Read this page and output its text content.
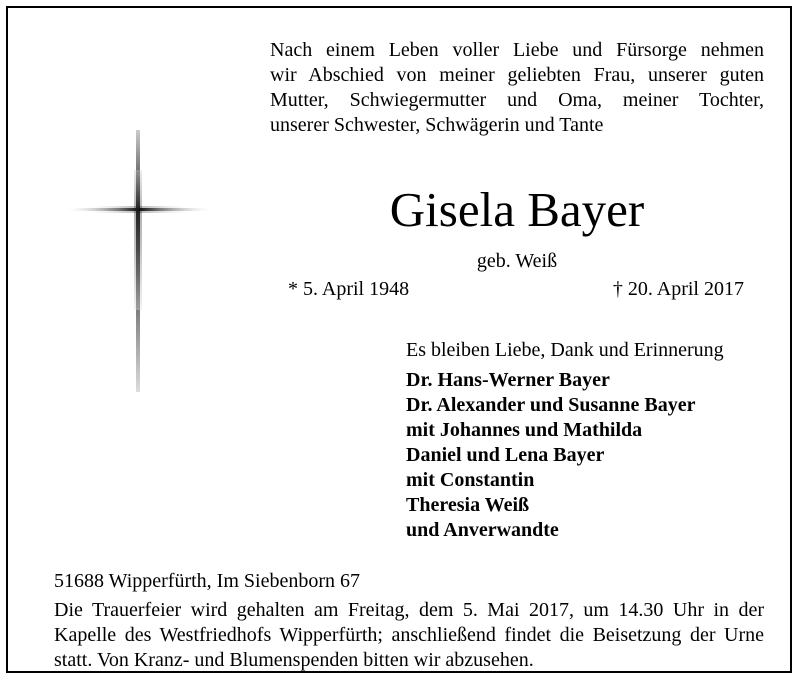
Nach einem Leben voller Liebe und Fürsorge nehmen
wir Abschied von meiner geliebten Frau, unserer guten
Mutter, Schwiegermutter und Oma, meiner Tochter,
unserer Schwester, Schwägerin und Tante
Gisela Bayer
geb. Weiß
* 5. April 1948	† 20. April 2017
Es bleiben Liebe, Dank und Erinnerung
Dr. Hans-Werner Bayer
Dr. Alexander und Susanne Bayer
mit Johannes und Mathilda
Daniel und Lena Bayer
mit Constantin
Theresia Weiß
und Anverwandte
51688 Wipperfürth, Im Siebenborn 67
Die Trauerfeier wird gehalten am Freitag, dem 5. Mai 2017, um 14.30 Uhr in der
Kapelle des Westfriedhofs Wipperfürth; anschließend findet die Beisetzung der Urne
statt. Von Kranz- und Blumenspenden bitten wir abzusehen.
